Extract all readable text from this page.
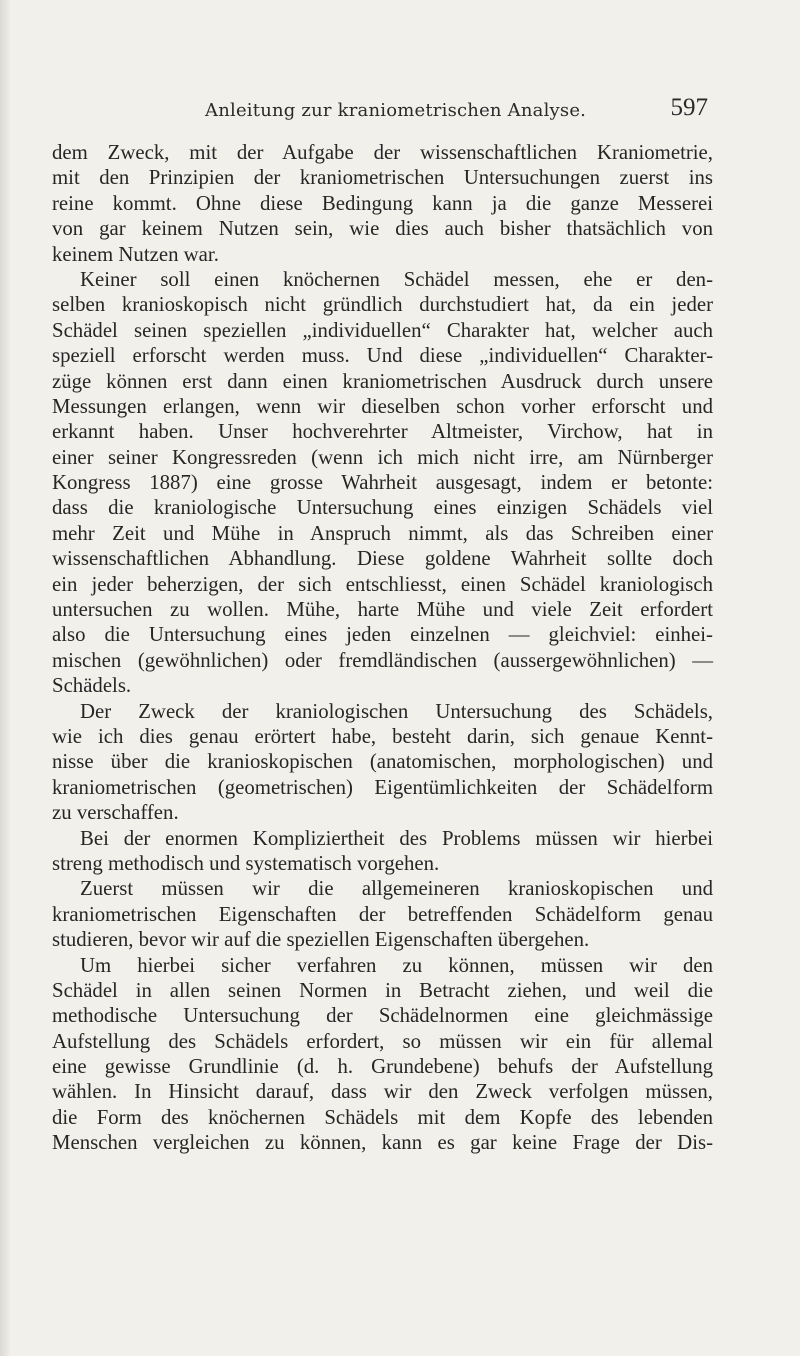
Anleitung zur kraniometrischen Analyse.	597
dem Zweck, mit der Aufgabe der wissenschaftlichen Kraniometrie,
mit den Prinzipien der kraniometrischen Untersuchungen zuerst ins
reine kommt. Ohne diese Bedingung kann ja die ganze Messerei
von gar keinem Nutzen sein, wie dies auch bisher thatsächlich von
keinem Nutzen war.
Keiner soll einen knöchernen Schädel messen, ehe er den-
selben kranioskopisch nicht gründlich durchstudiert hat, da ein jeder
Schädel seinen speziellen „individuellen“ Charakter hat, welcher auch
speziell erforscht werden muss. Und diese „individuellen“ Charakter-
züge können erst dann einen kraniometrischen Ausdruck durch unsere
Messungen erlangen, wenn wir dieselben schon vorher erforscht und
erkannt haben. Unser hochverehrter Altmeister, Virchow, hat in
einer seiner Kongressreden (wenn ich mich nicht irre, am Nürnberger
Kongress 1887) eine grosse Wahrheit ausgesagt, indem er betonte:
dass die kraniologische Untersuchung eines einzigen Schädels viel
mehr Zeit und Mühe in Anspruch nimmt, als das Schreiben einer
wissenschaftlichen Abhandlung. Diese goldene Wahrheit sollte doch
ein jeder beherzigen, der sich entschliesst, einen Schädel kraniologisch
untersuchen zu wollen. Mühe, harte Mühe und viele Zeit erfordert
also die Untersuchung eines jeden einzelnen — gleichviel: einhei-
mischen (gewöhnlichen) oder fremdländischen (aussergewöhnlichen) —
Schädels.
Der Zweck der kraniologischen Untersuchung des Schädels,
wie ich dies genau erörtert habe, besteht darin, sich genaue Kennt-
nisse über die kranioskopischen (anatomischen, morphologischen) und
kraniometrischen (geometrischen) Eigentümlichkeiten der Schädelform
zu verschaffen.
Bei der enormen Kompliziertheit des Problems müssen wir hierbei
streng methodisch und systematisch vorgehen.
Zuerst müssen wir die allgemeineren kranioskopischen und
kraniometrischen Eigenschaften der betreffenden Schädelform genau
studieren, bevor wir auf die speziellen Eigenschaften übergehen.
Um hierbei sicher verfahren zu können, müssen wir den
Schädel in allen seinen Normen in Betracht ziehen, und weil die
methodische Untersuchung der Schädelnormen eine gleichmässige
Aufstellung des Schädels erfordert, so müssen wir ein für allemal
eine gewisse Grundlinie (d. h. Grundebene) behufs der Aufstellung
wählen. In Hinsicht darauf, dass wir den Zweck verfolgen müssen,
die Form des knöchernen Schädels mit dem Kopfe des lebenden
Menschen vergleichen zu können, kann es gar keine Frage der Dis-
